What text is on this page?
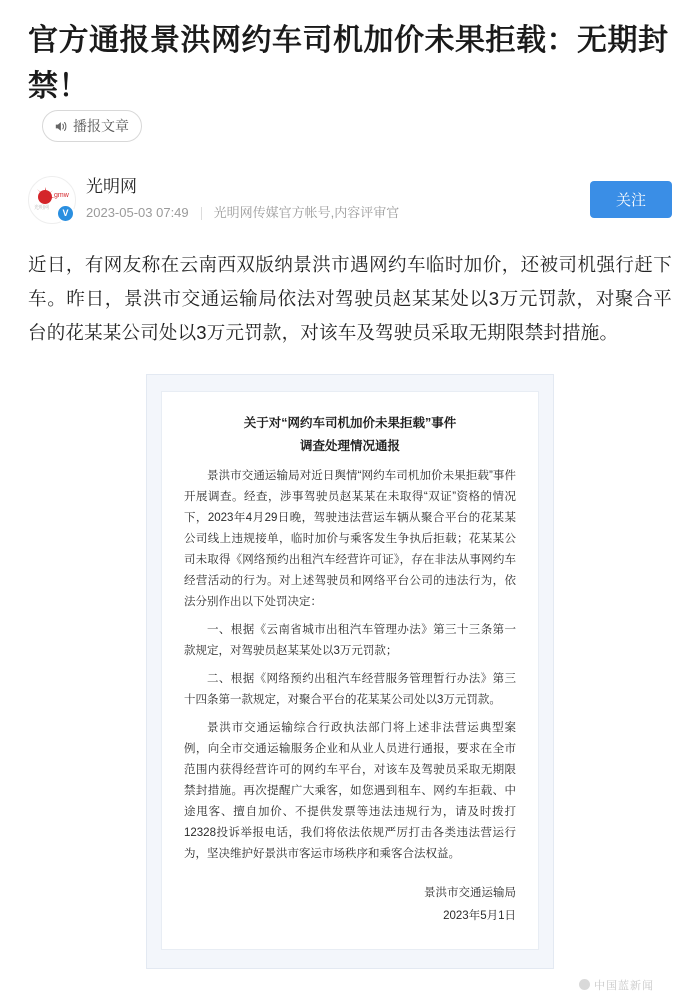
官方通报景洪网约车司机加价未果拒载：无期封禁！
播报文章
gmw
光明网	V
光明网
2023-05-03 07:49 光明网传媒官方帐号,内容评审官
关注
近日，有网友称在云南西双版纳景洪市遇网约车临时加价，还被司机强行赶下车。昨日，景洪市交通运输局依法对驾驶员赵某某处以3万元罚款，对聚合平台的花某某公司处以3万元罚款，对该车及驾驶员采取无期限禁封措施。
关于对“网约车司机加价未果拒载”事件
调查处理情况通报

景洪市交通运输局对近日舆情“网约车司机加价未果拒载”事件开展调查。经查，涉事驾驶员赵某某在未取得“双证”资格的情况下，2023年4月29日晚，驾驶违法营运车辆从聚合平台的花某某公司线上违规接单，临时加价与乘客发生争执后拒载；花某某公司未取得《网络预约出租汽车经营许可证》，存在非法从事网约车经营活动的行为。对上述驾驶员和网络平台公司的违法行为，依法分别作出以下处罚决定：

一、根据《云南省城市出租汽车管理办法》第三十三条第一款规定，对驾驶员赵某某处以3万元罚款；

二、根据《网络预约出租汽车经营服务管理暂行办法》第三十四条第一款规定，对聚合平台的花某某公司处以3万元罚款。

景洪市交通运输综合行政执法部门将上述非法营运典型案例，向全市交通运输服务企业和从业人员进行通报，要求在全市范围内获得经营许可的网约车平台，对该车及驾驶员采取无期限禁封措施。再次提醒广大乘客，如您遇到租车、网约车拒载、中途甩客、擅自加价、不提供发票等违法违规行为，请及时拨打12328投诉举报电话，我们将依法依规严厉打击各类违法营运行为，坚决维护好景洪市客运市场秩序和乘客合法权益。

景洪市交通运输局
2023年5月1日
中国蓝新闻
